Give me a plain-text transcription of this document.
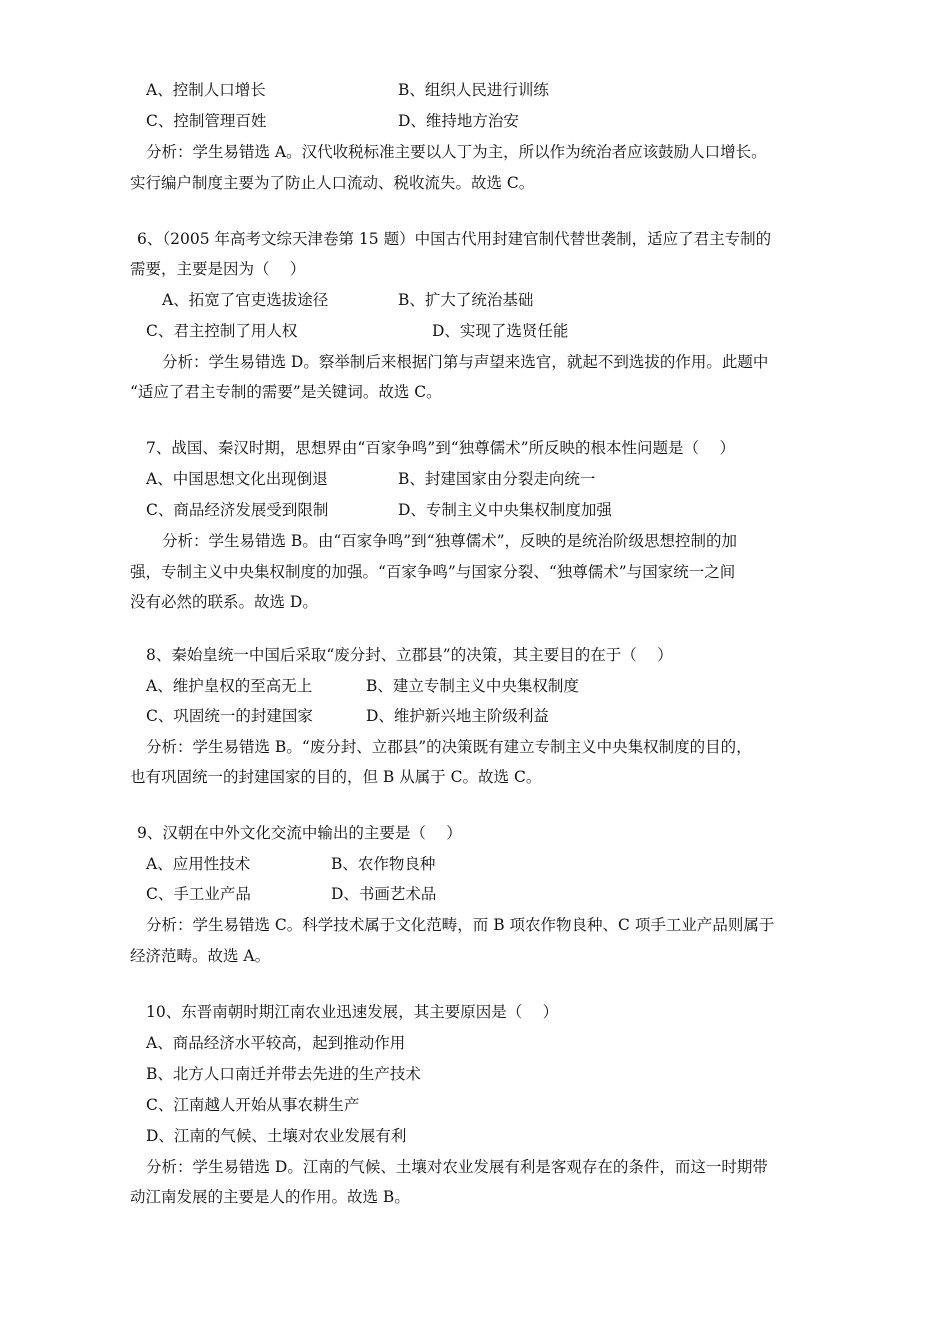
A、控制人口增长	B、组织人民进行训练
C、控制管理百姓	D、维持地方治安
分析：学生易错选 A。汉代收税标准主要以人丁为主，所以作为统治者应该鼓励人口增长。
实行编户制度主要为了防止人口流动、税收流失。故选 C。
6、（2005 年高考文综天津卷第 15 题）中国古代用封建官制代替世袭制，适应了君主专制的
需要，主要是因为（　 ）
A、拓宽了官吏选拔途径	B、扩大了统治基础
C、君主控制了用人权	D、实现了选贤任能
分析：学生易错选 D。察举制后来根据门第与声望来选官，就起不到选拔的作用。此题中
“适应了君主专制的需要”是关键词。故选 C。
7、战国、秦汉时期，思想界由“百家争鸣”到“独尊儒术”所反映的根本性问题是（　 ）
A、中国思想文化出现倒退	B、封建国家由分裂走向统一
C、商品经济发展受到限制	D、专制主义中央集权制度加强
分析：学生易错选 B。由“百家争鸣”到“独尊儒术”，反映的是统治阶级思想控制的加
强，专制主义中央集权制度的加强。“百家争鸣”与国家分裂、“独尊儒术”与国家统一之间
没有必然的联系。故选 D。
8、秦始皇统一中国后采取“废分封、立郡县”的决策，其主要目的在于（　 ）
A、维护皇权的至高无上	B、建立专制主义中央集权制度
C、巩固统一的封建国家	D、维护新兴地主阶级利益
分析：学生易错选 B。“废分封、立郡县”的决策既有建立专制主义中央集权制度的目的，
也有巩固统一的封建国家的目的，但 B 从属于 C。故选 C。
9、汉朝在中外文化交流中输出的主要是（　 ）
A、应用性技术	B、农作物良种
C、手工业产品	D、书画艺术品
分析：学生易错选 C。科学技术属于文化范畴，而 B 项农作物良种、C 项手工业产品则属于
经济范畴。故选 A。
10、东晋南朝时期江南农业迅速发展，其主要原因是（　 ）
A、商品经济水平较高，起到推动作用
B、北方人口南迁并带去先进的生产技术
C、江南越人开始从事农耕生产
D、江南的气候、土壤对农业发展有利
分析：学生易错选 D。江南的气候、土壤对农业发展有利是客观存在的条件，而这一时期带
动江南发展的主要是人的作用。故选 B。
